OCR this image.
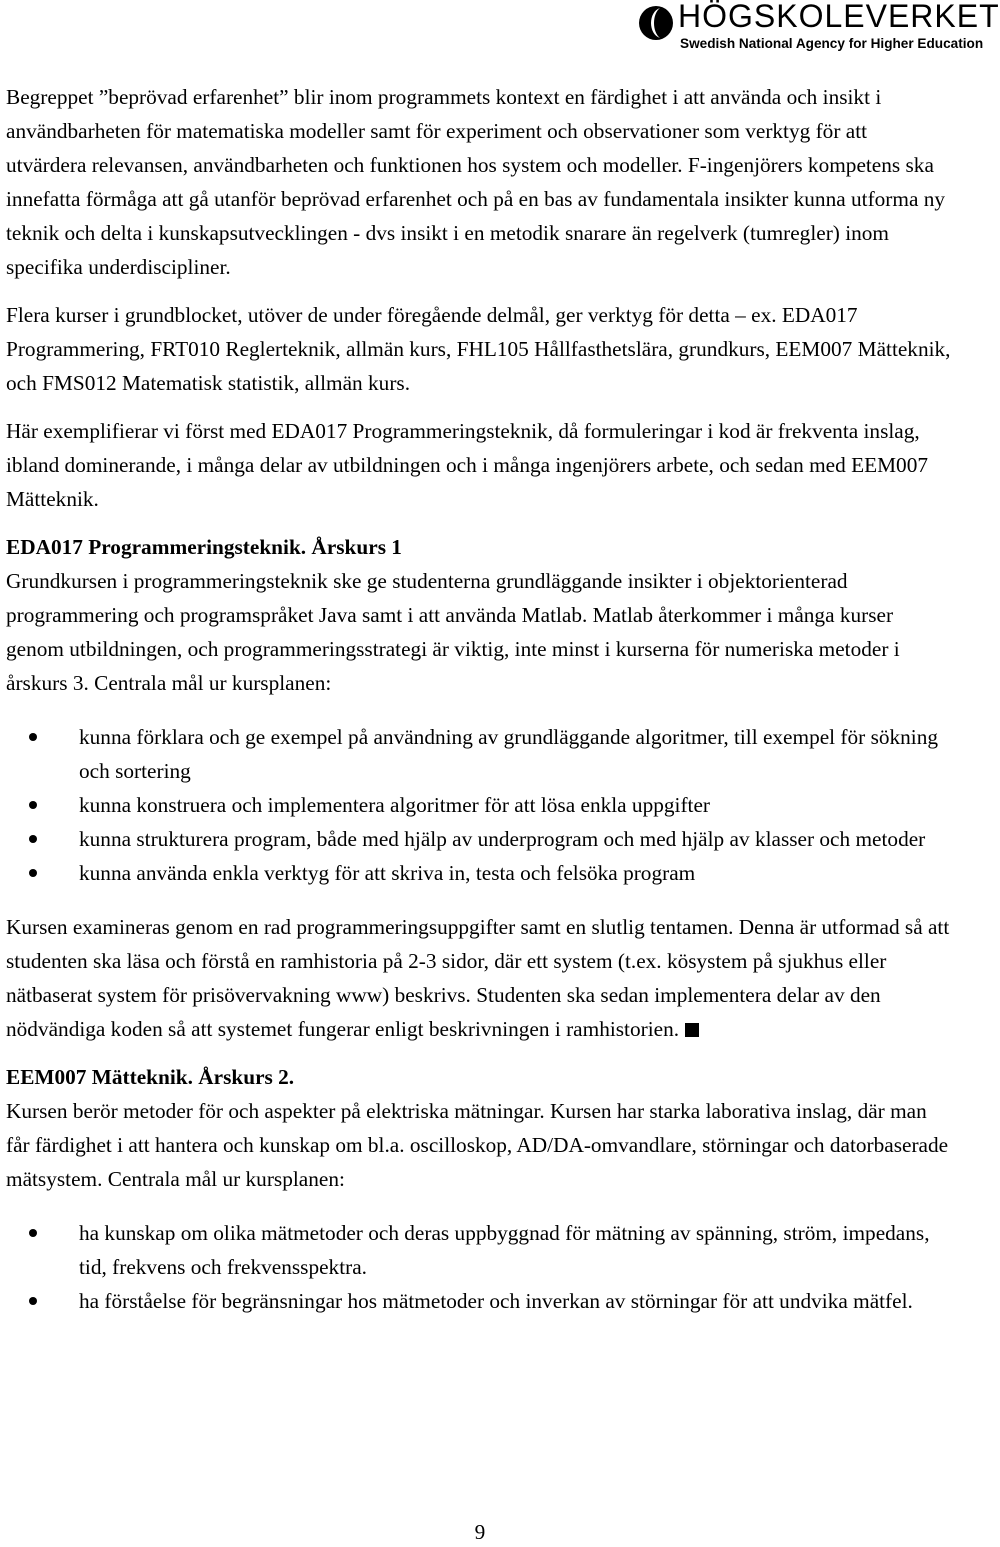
HÖGSKOLEVERKET
Swedish National Agency for Higher Education

Begreppet ”beprövad erfarenhet” blir inom programmets kontext en färdighet i att använda och insikt i användbarheten för matematiska modeller samt för experiment och observationer som verktyg för att utvärdera relevansen, användbarheten och funktionen hos system och modeller. F-ingenjörers kompetens ska innefatta förmåga att gå utanför beprövad erfarenhet och på en bas av fundamentala insikter kunna utforma ny teknik och delta i kunskapsutvecklingen - dvs insikt i en metodik snarare än regelverk (tumregler) inom specifika underdiscipliner.

Flera kurser i grundblocket, utöver de under föregående delmål, ger verktyg för detta – ex. EDA017 Programmering, FRT010 Reglerteknik, allmän kurs, FHL105 Hållfasthetslära, grundkurs, EEM007 Mätteknik, och FMS012 Matematisk statistik, allmän kurs.

Här exemplifierar vi först med EDA017 Programmeringsteknik, då formuleringar i kod är frekventa inslag, ibland dominerande, i många delar av utbildningen och i många ingenjörers arbete, och sedan med EEM007 Mätteknik.

EDA017 Programmeringsteknik. Årskurs 1

Grundkursen i programmeringsteknik ske ge studenterna grundläggande insikter i objektorienterad programmering och programspråket Java samt i att använda Matlab. Matlab återkommer i många kurser genom utbildningen, och programmeringsstrategi är viktig, inte minst i kurserna för numeriska metoder i årskurs 3. Centrala mål ur kursplanen:

kunna förklara och ge exempel på användning av grundläggande algoritmer, till exempel för sökning och sortering
kunna konstruera och implementera algoritmer för att lösa enkla uppgifter
kunna strukturera program, både med hjälp av underprogram och med hjälp av klasser och metoder
kunna använda enkla verktyg för att skriva in, testa och felsöka program

Kursen examineras genom en rad programmeringsuppgifter samt en slutlig tentamen. Denna är utformad så att studenten ska läsa och förstå en ramhistoria på 2-3 sidor, där ett system (t.ex. kösystem på sjukhus eller nätbaserat system för prisövervakning www) beskrivs. Studenten ska sedan implementera delar av den nödvändiga koden så att systemet fungerar enligt beskrivningen i ramhistorien.

EEM007 Mätteknik. Årskurs 2.

Kursen berör metoder för och aspekter på elektriska mätningar. Kursen har starka laborativa inslag, där man får färdighet i att hantera och kunskap om bl.a. oscilloskop, AD/DA-omvandlare, störningar och datorbaserade mätsystem. Centrala mål ur kursplanen:

ha kunskap om olika mätmetoder och deras uppbyggnad för mätning av spänning, ström, impedans, tid, frekvens och frekvensspektra.
ha förståelse för begränsningar hos mätmetoder och inverkan av störningar för att undvika mätfel.
9
